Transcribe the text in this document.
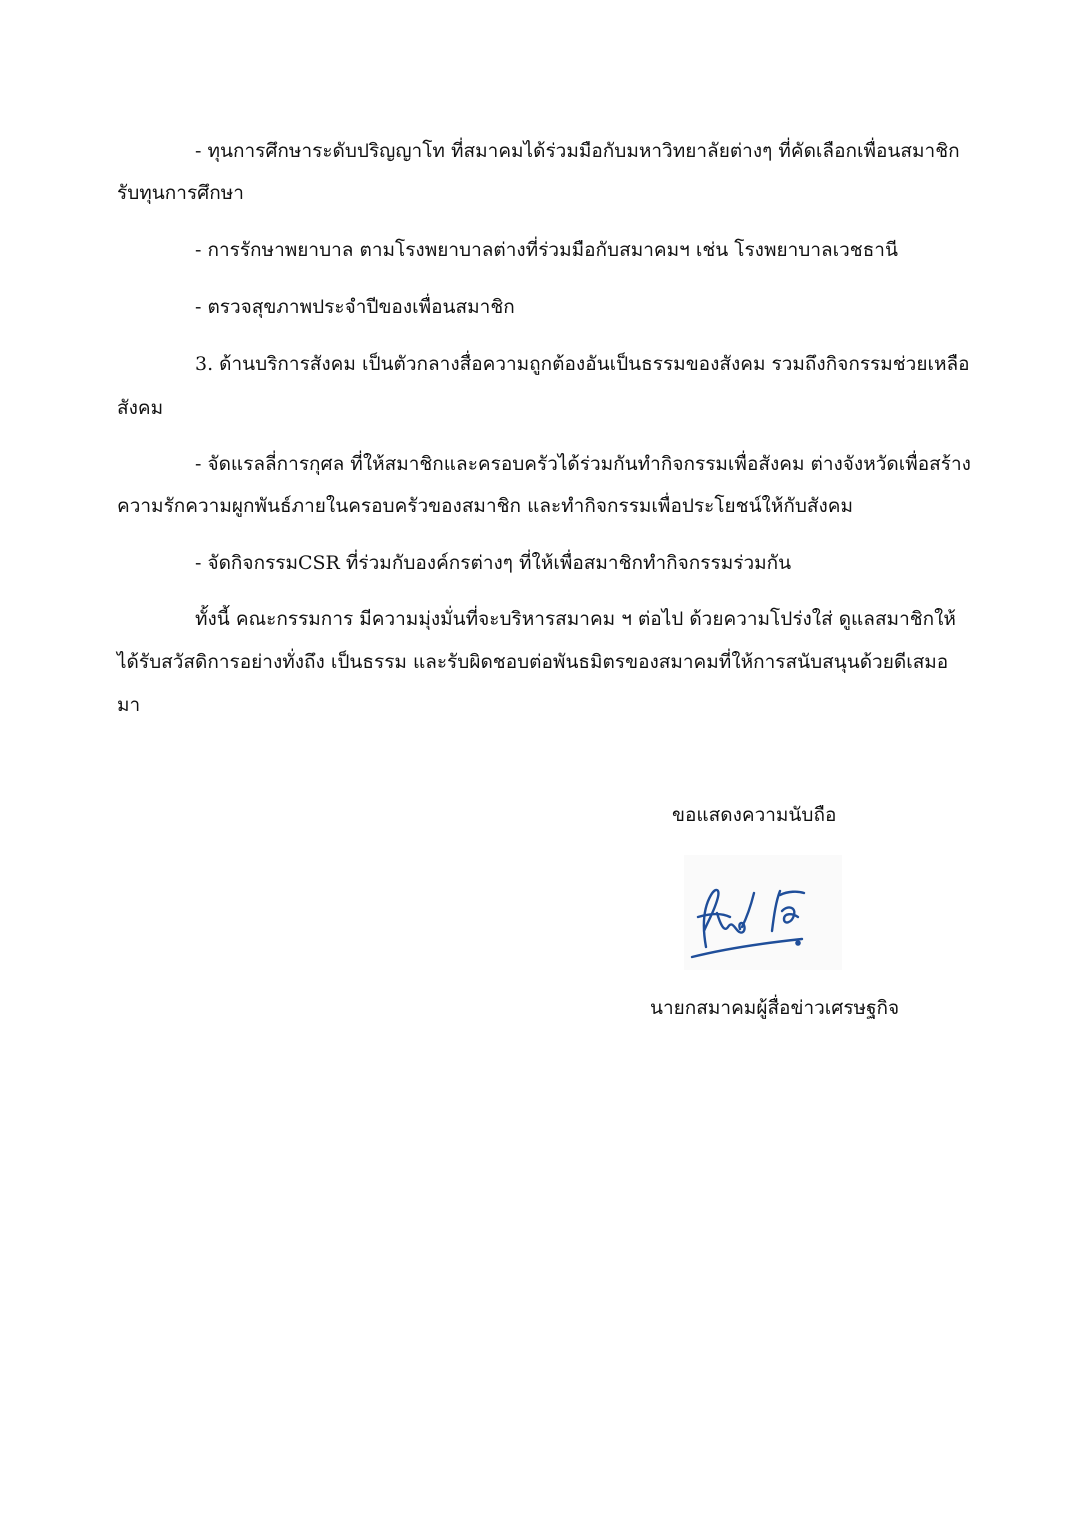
- ทุนการศึกษาระดับปริญญาโท ที่สมาคมได้ร่วมมือกับมหาวิทยาลัยต่างๆ ที่คัดเลือกเพื่อนสมาชิก
รับทุนการศึกษา
- การรักษาพยาบาล ตามโรงพยาบาลต่างที่ร่วมมือกับสมาคมฯ เช่น โรงพยาบาลเวชธานี
- ตรวจสุขภาพประจำปีของเพื่อนสมาชิก
3. ด้านบริการสังคม เป็นตัวกลางสื่อความถูกต้องอันเป็นธรรมของสังคม รวมถึงกิจกรรมช่วยเหลือ
สังคม
- จัดแรลลี่การกุศล ที่ให้สมาชิกและครอบครัวได้ร่วมกันทำกิจกรรมเพื่อสังคม ต่างจังหวัดเพื่อสร้าง
ความรักความผูกพันธ์ภายในครอบครัวของสมาชิก และทำกิจกรรมเพื่อประโยชน์ให้กับสังคม
- จัดกิจกรรมCSR ที่ร่วมกับองค์กรต่างๆ ที่ให้เพื่อสมาชิกทำกิจกรรมร่วมกัน
ทั้งนี้ คณะกรรมการ มีความมุ่งมั่นที่จะบริหารสมาคม ฯ ต่อไป ด้วยความโปร่งใส่ ดูแลสมาชิกให้
ได้รับสวัสดิการอย่างทั่งถึง เป็นธรรม และรับผิดชอบต่อพันธมิตรของสมาคมที่ให้การสนับสนุนด้วยดีเสมอ
มา
ขอแสดงความนับถือ
นายกสมาคมผู้สื่อข่าวเศรษฐกิจ
